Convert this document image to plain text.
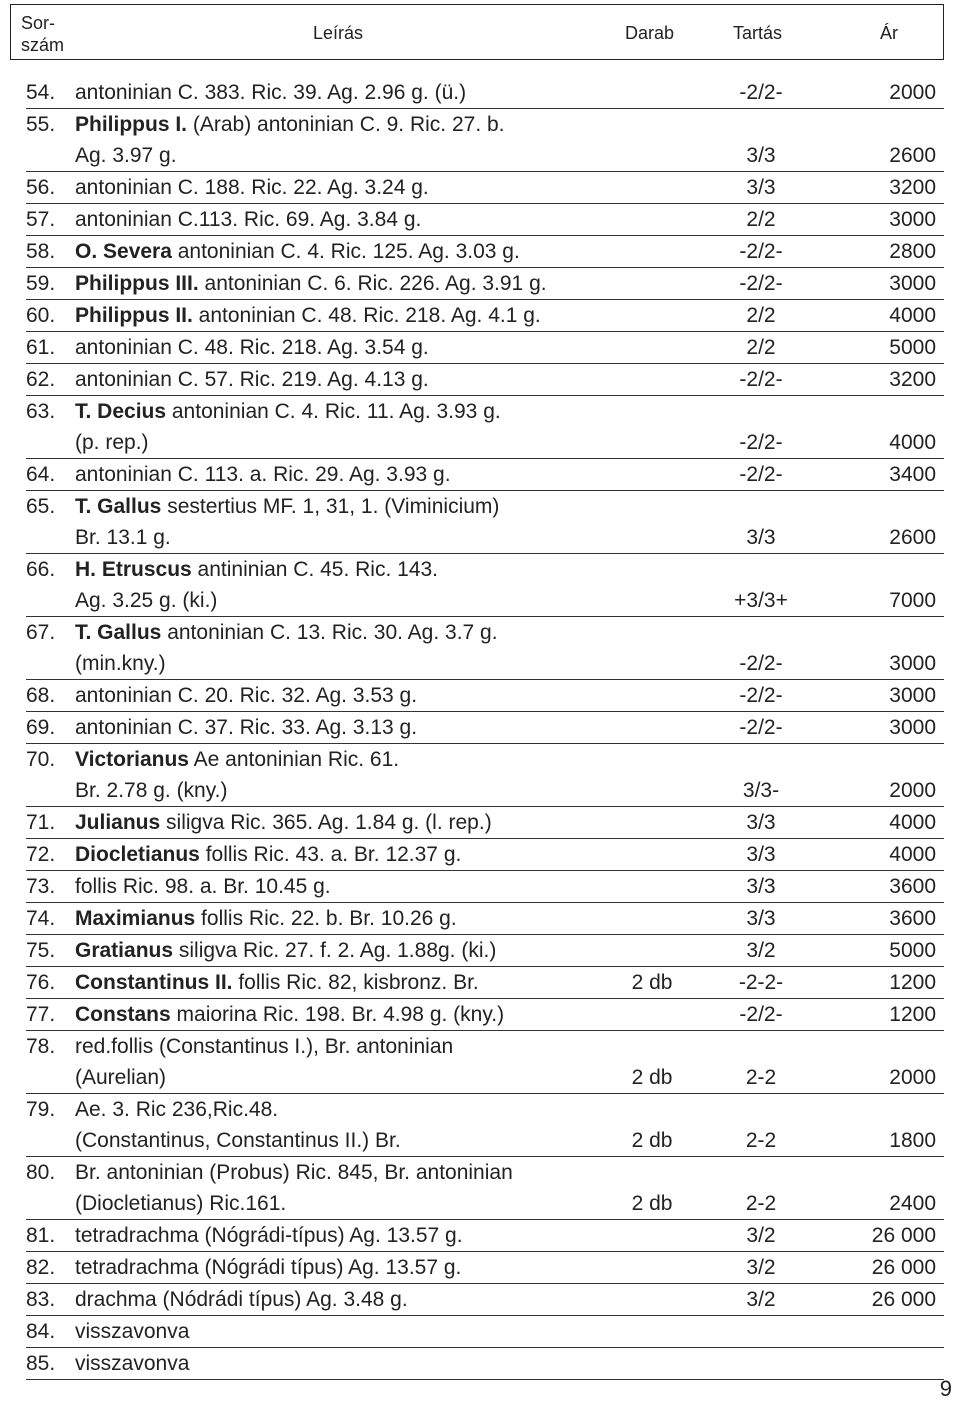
Sor-
szám
Leírás	Darab	Tartás	Ár
54. antoninian C. 383. Ric. 39. Ag. 2.96 g. (ü.)	-2/2-	2000
55. Philippus I. (Arab) antoninian C. 9. Ric. 27. b.
Ag. 3.97 g.	3/3	2600
56. antoninian C. 188. Ric. 22. Ag. 3.24 g.	3/3	3200
57. antoninian C.113. Ric. 69. Ag. 3.84 g.	2/2	3000
58. O. Severa antoninian C. 4. Ric. 125. Ag. 3.03 g.	-2/2-	2800
59. Philippus III. antoninian C. 6. Ric. 226. Ag. 3.91 g.	-2/2-	3000
60. Philippus II. antoninian C. 48. Ric. 218. Ag. 4.1 g.	2/2	4000
61. antoninian C. 48. Ric. 218. Ag. 3.54 g.	2/2	5000
62. antoninian C. 57. Ric. 219. Ag. 4.13 g.	-2/2-	3200
63. T. Decius antoninian C. 4. Ric. 11. Ag. 3.93 g.
(p. rep.)	-2/2-	4000
64. antoninian C. 113. a. Ric. 29. Ag. 3.93 g.	-2/2-	3400
65. T. Gallus sestertius MF. 1, 31, 1. (Viminicium)
Br. 13.1 g.	3/3	2600
66. H. Etruscus antininian C. 45. Ric. 143.
Ag. 3.25 g. (ki.)	+3/3+	7000
67. T. Gallus antoninian C. 13. Ric. 30. Ag. 3.7 g.
(min.kny.)	-2/2-	3000
68. antoninian C. 20. Ric. 32. Ag. 3.53 g.	-2/2-	3000
69. antoninian C. 37. Ric. 33. Ag. 3.13 g.	-2/2-	3000
70. Victorianus Ae antoninian Ric. 61.
Br. 2.78 g. (kny.)	3/3-	2000
71. Julianus siligva Ric. 365. Ag. 1.84 g. (l. rep.)	3/3	4000
72. Diocletianus follis Ric. 43. a. Br. 12.37 g.	3/3	4000
73. follis Ric. 98. a. Br. 10.45 g.	3/3	3600
74. Maximianus follis Ric. 22. b. Br. 10.26 g.	3/3	3600
75. Gratianus siligva Ric. 27. f. 2. Ag. 1.88g. (ki.)	3/2	5000
76. Constantinus II. follis Ric. 82, kisbronz. Br.	2 db	-2-2-	1200
77. Constans maiorina Ric. 198. Br. 4.98 g. (kny.)	-2/2-	1200
78. red.follis (Constantinus I.), Br. antoninian
(Aurelian)	2 db	2-2	2000
79. Ae. 3. Ric 236,Ric.48.
(Constantinus, Constantinus II.) Br.	2 db	2-2	1800
80. Br. antoninian (Probus) Ric. 845, Br. antoninian
(Diocletianus) Ric.161.	2 db	2-2	2400
81. tetradrachma (Nógrádi-típus) Ag. 13.57 g.	3/2	26 000
82. tetradrachma (Nógrádi típus) Ag. 13.57 g.	3/2	26 000
83. drachma (Nódrádi típus) Ag. 3.48 g.	3/2	26 000
84. visszavonva
85. visszavonva
9
